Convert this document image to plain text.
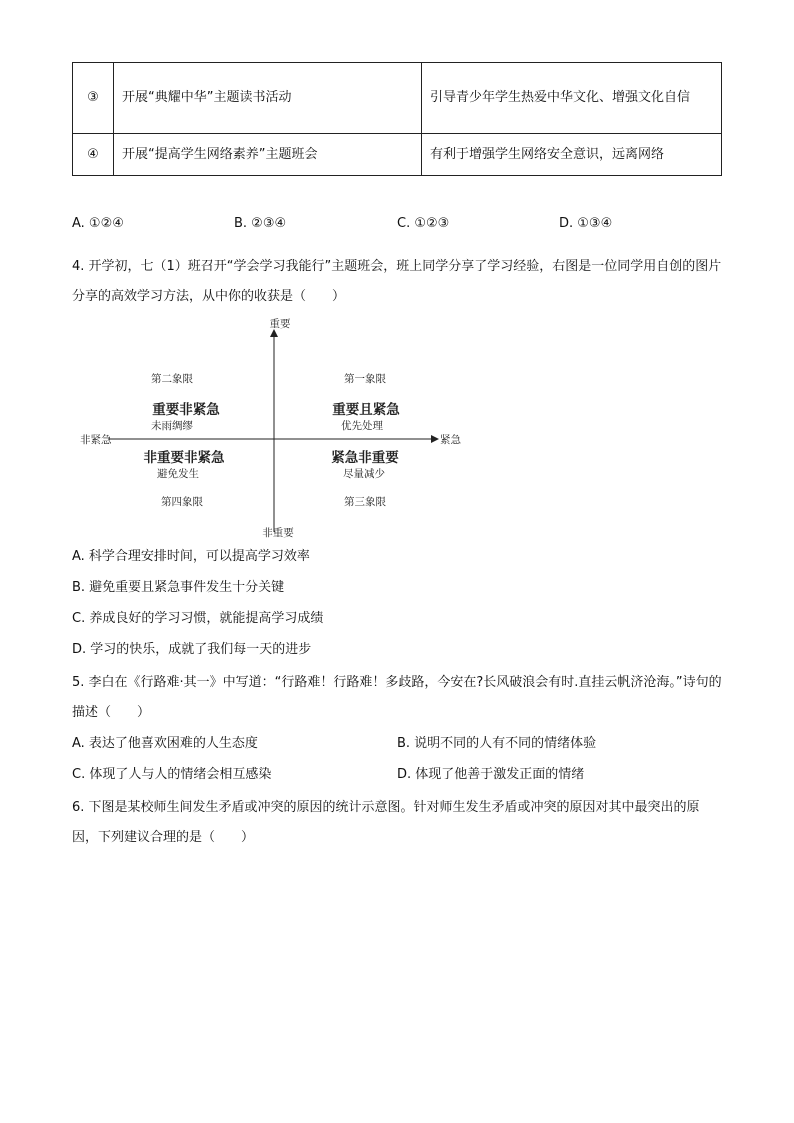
③	开展“典耀中华”主题读书活动	引导青少年学生热爱中华文化、增强文化自信
④	开展“提高学生网络素养”主题班会	有利于增强学生网络安全意识，远离网络
A. ①②④	B. ②③④	C. ①②③	D. ①③④
4. 开学初，七（1）班召开“学会学习我能行”主题班会，班上同学分享了学习经验，右图是一位同学用自创的图片分享的高效学习方法，从中你的收获是（　　）
重要
非重要
非紧急	紧急
第二象限
重要非紧急
未雨绸缪
第一象限
重要且紧急
优先处理
非重要非紧急
避免发生
第四象限
紧急非重要
尽量减少
第三象限
A. 科学合理安排时间，可以提高学习效率
B. 避免重要且紧急事件发生十分关键
C. 养成良好的学习习惯，就能提高学习成绩
D. 学习的快乐，成就了我们每一天的进步
5. 李白在《行路难·其一》中写道：“行路难！行路难！多歧路，今安在?长风破浪会有时.直挂云帆济沧海。”诗句的描述（　　）
A. 表达了他喜欢困难的人生态度	B. 说明不同的人有不同的情绪体验
C. 体现了人与人的情绪会相互感染	D. 体现了他善于激发正面的情绪
6. 下图是某校师生间发生矛盾或冲突的原因的统计示意图。针对师生发生矛盾或冲突的原因对其中最突出的原因，下列建议合理的是（　　）
